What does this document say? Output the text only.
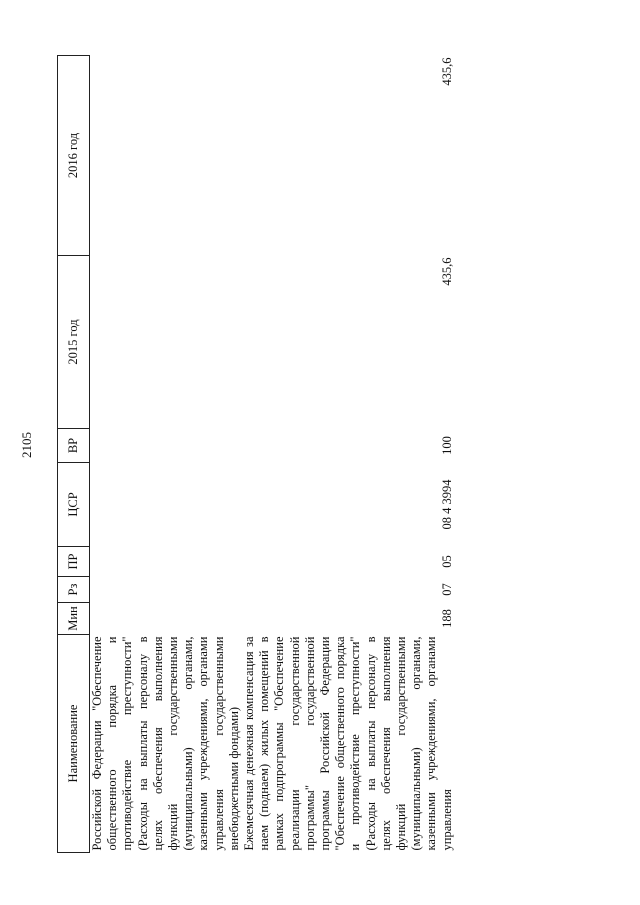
2105
Наименование	Мин	Рз	ПР	ЦСР	ВР	2015 год	2016 год

Российской Федерации "Обеспечение общественного порядка и противодействие преступности" (Расходы на выплаты персоналу в целях обеспечения выполнения функций государственными (муниципальными) органами, казенными учреждениями, органами управления государственными внебюджетными фондами)							

Ежемесячная денежная компенсация за наем (поднаем) жилых помещений в рамках подпрограммы "Обеспечение реализации государственной программы" государственной программы Российской Федерации "Обеспечение общественного порядка и противодействие преступности" (Расходы на выплаты персоналу в целях обеспечения выполнения функций государственными (муниципальными) органами, казенными учреждениями, органами управления	188	07	05	08 4 3994	100	435,6	435,6
